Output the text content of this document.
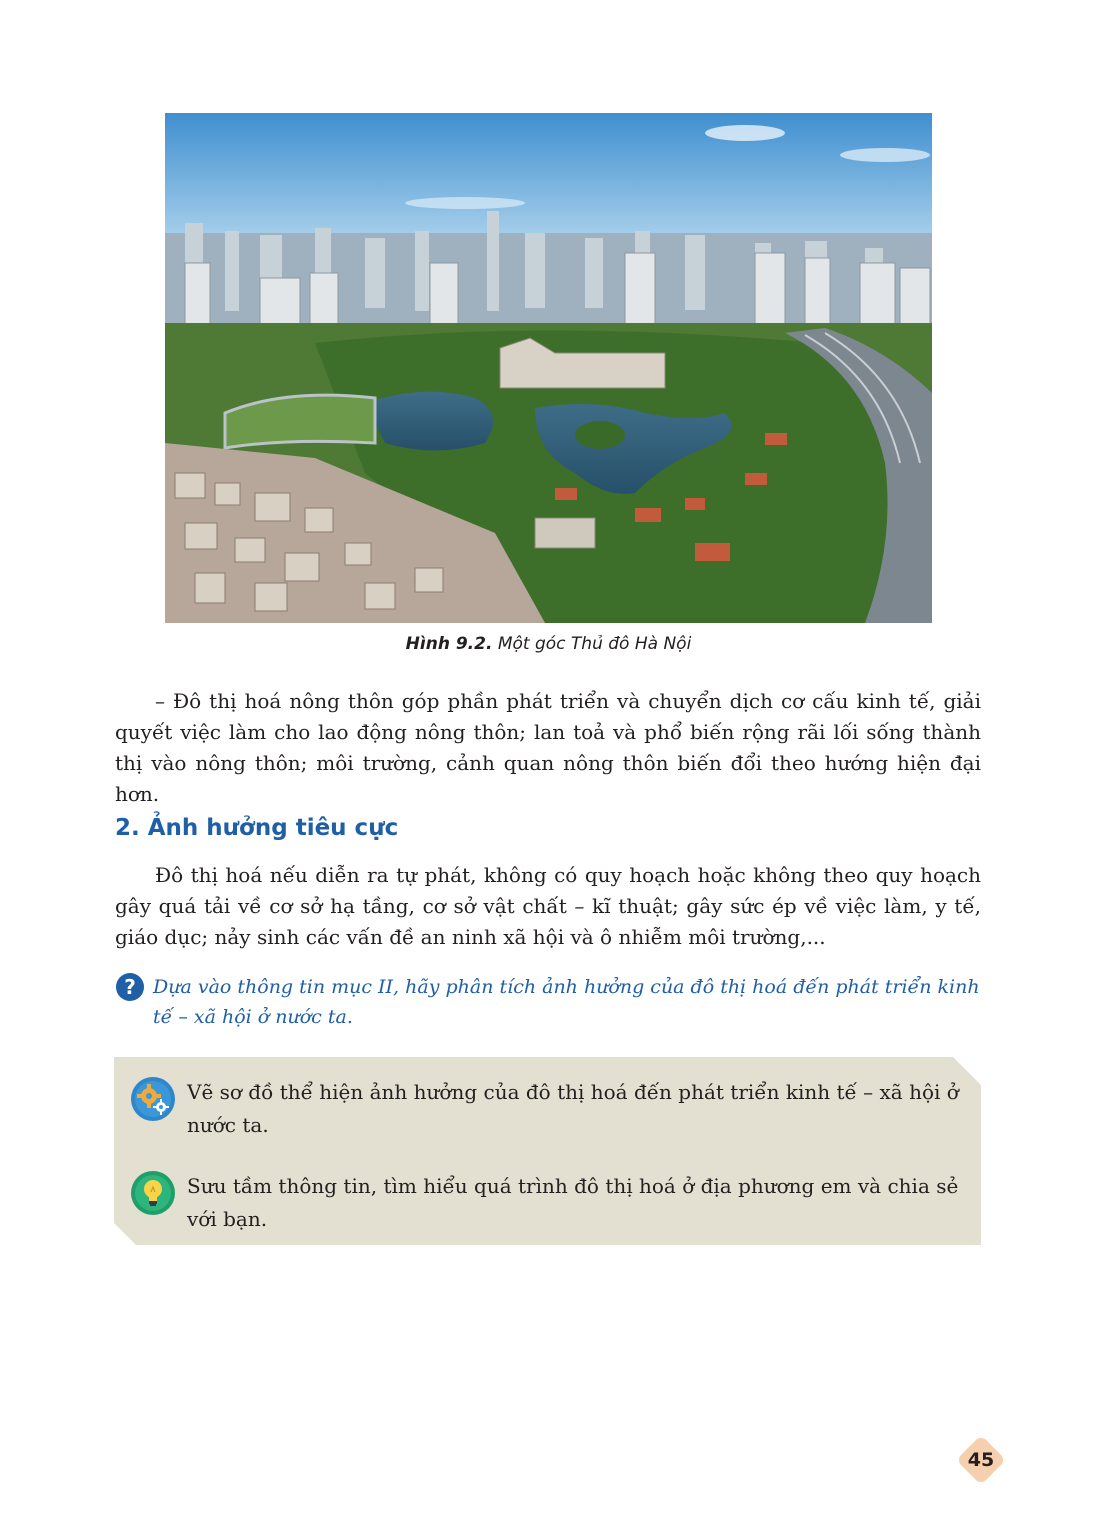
Hình 9.2. Một góc Thủ đô Hà Nội

– Đô thị hoá nông thôn góp phần phát triển và chuyển dịch cơ cấu kinh tế, giải quyết việc làm cho lao động nông thôn; lan toả và phổ biến rộng rãi lối sống thành thị vào nông thôn; môi trường, cảnh quan nông thôn biến đổi theo hướng hiện đại hơn.

2. Ảnh hưởng tiêu cực

Đô thị hoá nếu diễn ra tự phát, không có quy hoạch hoặc không theo quy hoạch gây quá tải về cơ sở hạ tầng, cơ sở vật chất – kĩ thuật; gây sức ép về việc làm, y tế, giáo dục; nảy sinh các vấn đề an ninh xã hội và ô nhiễm môi trường,...

? Dựa vào thông tin mục II, hãy phân tích ảnh hưởng của đô thị hoá đến phát triển kinh tế – xã hội ở nước ta.

Vẽ sơ đồ thể hiện ảnh hưởng của đô thị hoá đến phát triển kinh tế – xã hội ở nước ta.

Sưu tầm thông tin, tìm hiểu quá trình đô thị hoá ở địa phương em và chia sẻ với bạn.

45
